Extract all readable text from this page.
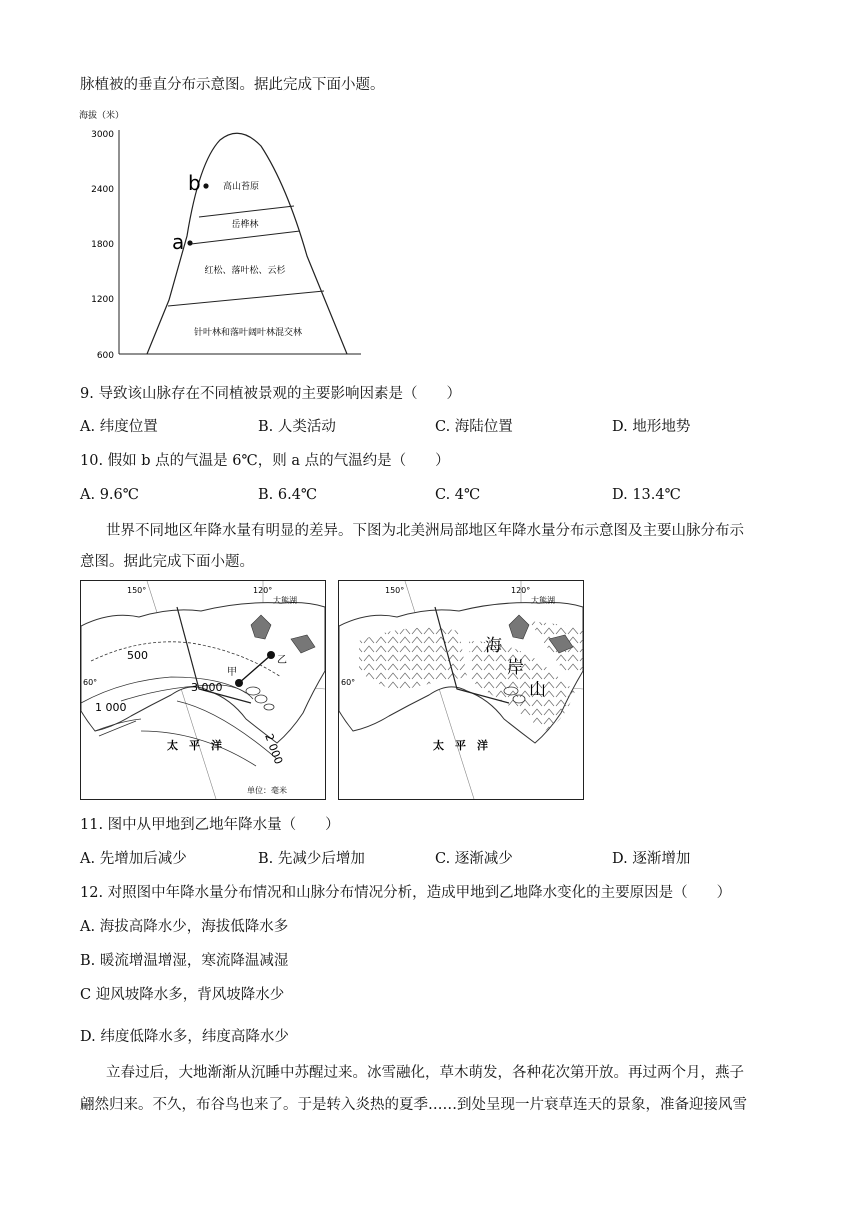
脉植被的垂直分布示意图。据此完成下面小题。
海拔（米）
3000
2400
1800
1200
600
高山苔原
岳桦林
红松、落叶松、云杉
针叶林和落叶阔叶林混交林
b
a
9. 导致该山脉存在不同植被景观的主要影响因素是（　　）
A. 纬度位置	B. 人类活动	C. 海陆位置	D. 地形地势
10. 假如 b 点的气温是 6℃，则 a 点的气温约是（　　）
A. 9.6℃	B. 6.4℃	C. 4℃	D. 13.4℃
世界不同地区年降水量有明显的差异。下图为北美洲局部地区年降水量分布示意图及主要山脉分布示
意图。据此完成下面小题。
150°	120°
60°
大熊湖
单位：毫米
500
3 000
1 000
2 000
甲
乙
太　平　洋
150°	120°
60°
大熊湖
海
岸
山
太　平　洋
11. 图中从甲地到乙地年降水量（　　）
A. 先增加后减少	B. 先减少后增加	C. 逐渐减少	D. 逐渐增加
12. 对照图中年降水量分布情况和山脉分布情况分析，造成甲地到乙地降水变化的主要原因是（　　）
A. 海拔高降水少，海拔低降水多
B. 暖流增温增湿，寒流降温减湿
C 迎风坡降水多，背风坡降水少
D. 纬度低降水多，纬度高降水少
立春过后，大地渐渐从沉睡中苏醒过来。冰雪融化，草木萌发，各种花次第开放。再过两个月，燕子
翩然归来。不久，布谷鸟也来了。于是转入炎热的夏季……到处呈现一片衰草连天的景象，准备迎接风雪
